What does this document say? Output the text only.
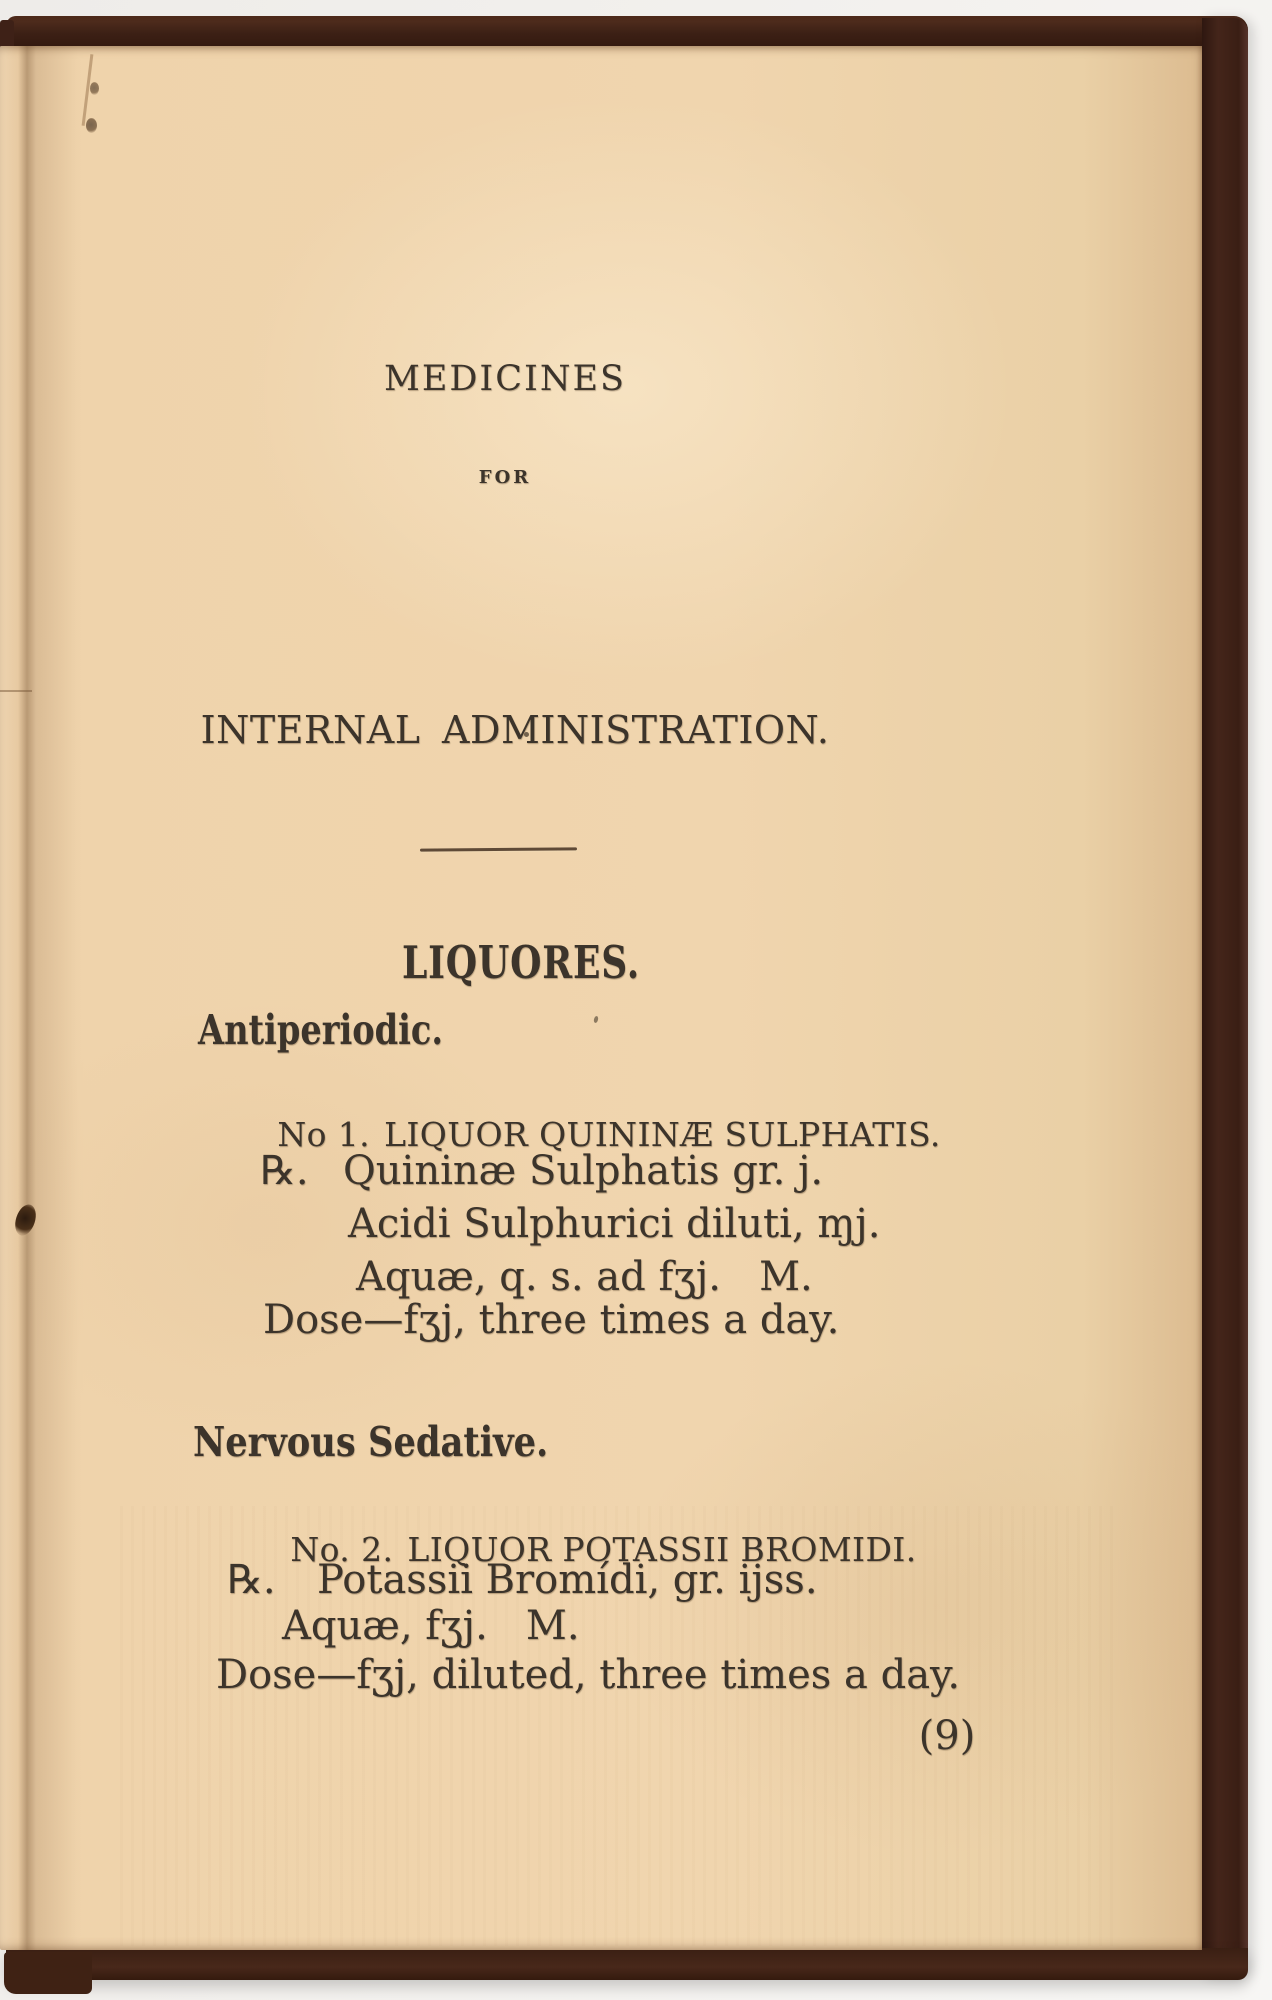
MEDICINES
FOR
INTERNAL ADMINISTRATION.
LIQUORES.
Antiperiodic.

No 1. LIQUOR QUININÆ SULPHATIS.

℞. Quininæ Sulphatis gr. j.
Acidi Sulphurici diluti, ɱj.
Aquæ, q. s. ad fʒj.   M.
Dose—fʒj, three times a day.
Nervous Sedative.

No. 2. LIQUOR POTASSII BROMIDI.

℞. Potassii Bromídi, gr. ijss.
Aquæ, fʒj.   M.
Dose—fʒj, diluted, three times a day.
(9)
